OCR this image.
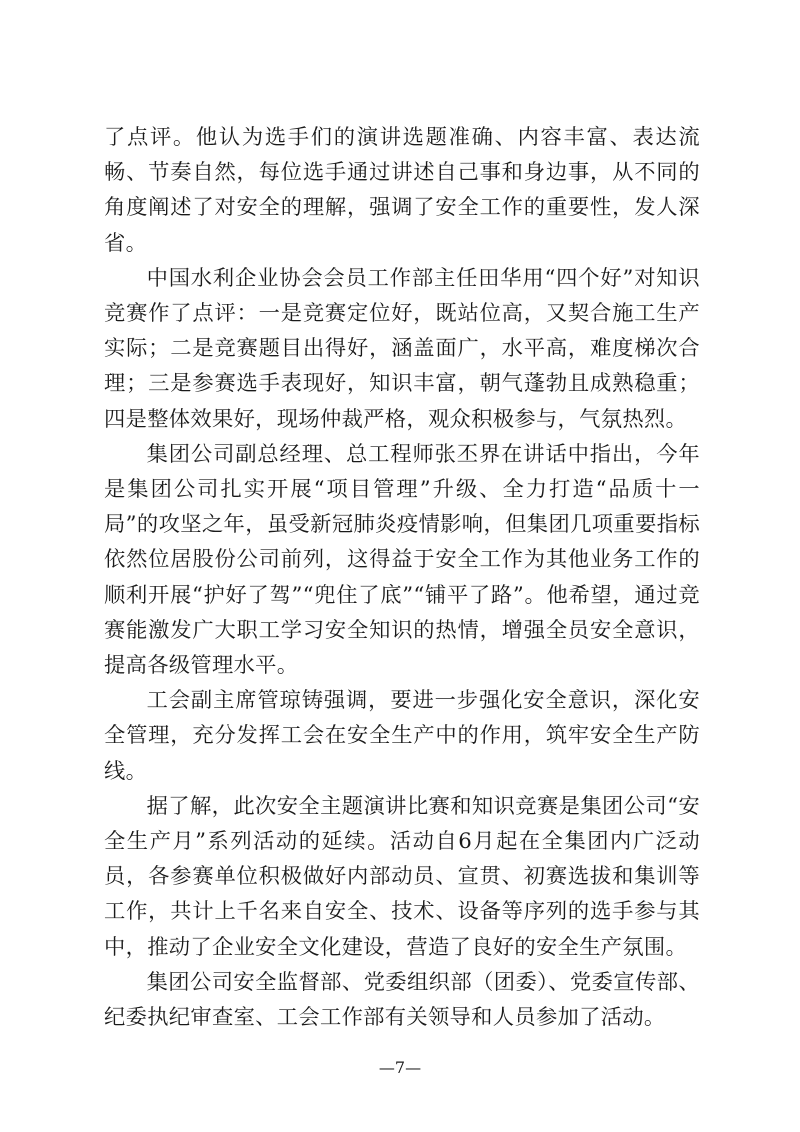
了点评。他认为选手们的演讲选题准确、内容丰富、表达流畅、节奏自然，每位选手通过讲述自己事和身边事，从不同的角度阐述了对安全的理解，强调了安全工作的重要性，发人深省。

中国水利企业协会会员工作部主任田华用“四个好”对知识竞赛作了点评：一是竞赛定位好，既站位高，又契合施工生产实际；二是竞赛题目出得好，涵盖面广，水平高，难度梯次合理；三是参赛选手表现好，知识丰富，朝气蓬勃且成熟稳重；四是整体效果好，现场仲裁严格，观众积极参与，气氛热烈。

集团公司副总经理、总工程师张丕界在讲话中指出，今年是集团公司扎实开展“项目管理”升级、全力打造“品质十一局”的攻坚之年，虽受新冠肺炎疫情影响，但集团几项重要指标依然位居股份公司前列，这得益于安全工作为其他业务工作的顺利开展“护好了驾”“兜住了底”“铺平了路”。他希望，通过竞赛能激发广大职工学习安全知识的热情，增强全员安全意识，提高各级管理水平。

工会副主席管琼铸强调，要进一步强化安全意识，深化安全管理，充分发挥工会在安全生产中的作用，筑牢安全生产防线。

据了解，此次安全主题演讲比赛和知识竞赛是集团公司“安全生产月”系列活动的延续。活动自6月起在全集团内广泛动员，各参赛单位积极做好内部动员、宣贯、初赛选拔和集训等工作，共计上千名来自安全、技术、设备等序列的选手参与其中，推动了企业安全文化建设，营造了良好的安全生产氛围。

集团公司安全监督部、党委组织部（团委）、党委宣传部、纪委执纪审查室、工会工作部有关领导和人员参加了活动。

—7—
